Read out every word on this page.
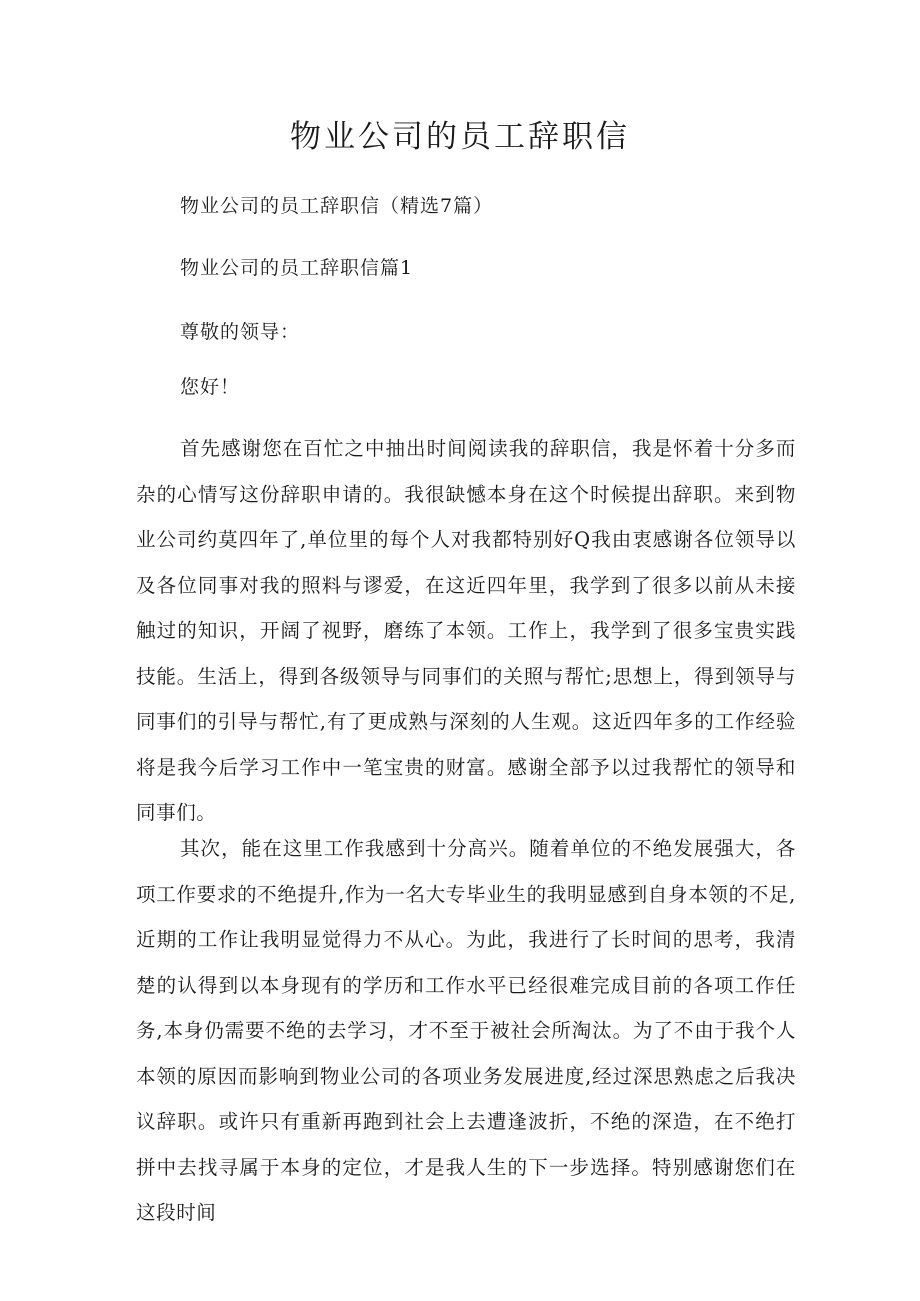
物业公司的员工辞职信

物业公司的员工辞职信（精选7篇）

物业公司的员工辞职信篇1

尊敬的领导：

您好！

首先感谢您在百忙之中抽出时间阅读我的辞职信，我是怀着十分多而杂的心情写这份辞职申请的。我很缺憾本身在这个时候提出辞职。来到物业公司约莫四年了,单位里的每个人对我都特别好Q我由衷感谢各位领导以及各位同事对我的照料与谬爱，在这近四年里，我学到了很多以前从未接触过的知识，开阔了视野，磨练了本领。工作上，我学到了很多宝贵实践技能。生活上，得到各级领导与同事们的关照与帮忙;思想上，得到领导与同事们的引导与帮忙,有了更成熟与深刻的人生观。这近四年多的工作经验将是我今后学习工作中一笔宝贵的财富。感谢全部予以过我帮忙的领导和同事们。

其次，能在这里工作我感到十分高兴。随着单位的不绝发展强大，各项工作要求的不绝提升,作为一名大专毕业生的我明显感到自身本领的不足,近期的工作让我明显觉得力不从心。为此，我进行了长时间的思考，我清楚的认得到以本身现有的学历和工作水平已经很难完成目前的各项工作任务,本身仍需要不绝的去学习，才不至于被社会所淘汰。为了不由于我个人本领的原因而影响到物业公司的各项业务发展进度,经过深思熟虑之后我决议辞职。或许只有重新再跑到社会上去遭逢波折，不绝的深造，在不绝打拼中去找寻属于本身的定位，才是我人生的下一步选择。特别感谢您们在这段时间
